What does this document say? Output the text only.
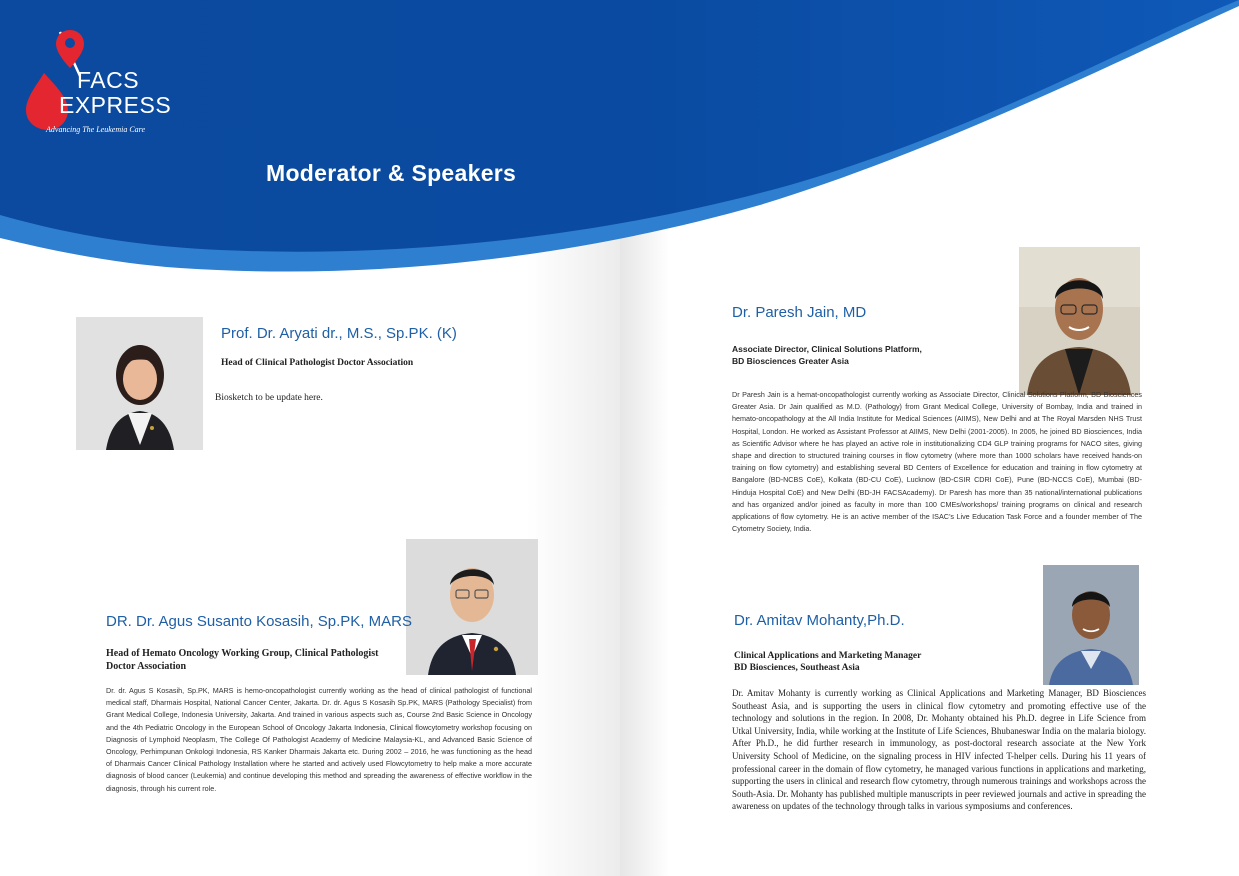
FACS
EXPRESS
Advancing The Leukemia Care
Moderator & Speakers
Prof. Dr. Aryati dr., M.S., Sp.PK. (K)
Head of Clinical Pathologist Doctor Association
Biosketch to be update here.
DR. Dr. Agus Susanto Kosasih, Sp.PK, MARS
Head of Hemato Oncology Working Group, Clinical Pathologist
Doctor Association
Dr. dr. Agus S Kosasih, Sp.PK, MARS is hemo-oncopathologist currently working as the head of clinical pathologist of functional medical staff, Dharmais Hospital, National Cancer Center, Jakarta. Dr. dr. Agus S Kosasih Sp.PK, MARS (Pathology Specialist) from Grant Medical College, Indonesia University, Jakarta. And trained in various aspects such as, Course 2nd Basic Science in Oncology and the 4th Pediatric Oncology in the European School of Oncology Jakarta Indonesia, Clinical flowcytometry workshop focusing on Diagnosis of Lymphoid Neoplasm, The College Of Pathologist Academy of Medicine Malaysia-KL, and Advanced Basic Science of Oncology, Perhimpunan Onkologi Indonesia, RS Kanker Dharmais Jakarta etc. During 2002 – 2016, he was functioning as the head of Dharmais Cancer Clinical Pathology Installation where he started and actively used Flowcytometry to help make a more accurate diagnosis of blood cancer (Leukemia) and continue developing this method and spreading the awareness of effective workflow in the diagnosis, through his current role.
Dr. Paresh Jain, MD
Associate Director, Clinical Solutions Platform,
BD Biosciences Greater Asia
Dr Paresh Jain is a hemat-oncopathologist currently working as Associate Director, Clinical Solutions Platform, BD Biosciences Greater Asia. Dr Jain qualified as M.D. (Pathology) from Grant Medical College, University of Bombay, India and trained in hemato-oncopathology at the All India Institute for Medical Sciences (AIIMS), New Delhi and at The Royal Marsden NHS Trust Hospital, London. He worked as Assistant Professor at AIIMS, New Delhi (2001-2005). In 2005, he joined BD Biosciences, India as Scientific Advisor where he has played an active role in institutionalizing CD4 GLP training programs for NACO sites, giving shape and direction to structured training courses in flow cytometry (where more than 1000 scholars have received hands-on training on flow cytometry) and establishing several BD Centers of Excellence for education and training in flow cytometry at Bangalore (BD-NCBS CoE), Kolkata (BD-CU CoE), Lucknow (BD-CSIR CDRI CoE), Pune (BD-NCCS CoE), Mumbai (BD-Hinduja Hospital CoE) and New Delhi (BD-JH FACSAcademy). Dr Paresh has more than 35 national/international publications and has organized and/or joined as faculty in more than 100 CMEs/workshops/ training programs on clinical and research applications of flow cytometry. He is an active member of the ISAC’s Live Education Task Force and a founder member of The Cytometry Society, India.
Dr. Amitav Mohanty,Ph.D.
Clinical Applications and Marketing Manager
BD Biosciences, Southeast Asia
Dr. Amitav Mohanty is currently working as Clinical Applications and Marketing Manager, BD Biosciences Southeast Asia, and is supporting the users in clinical flow cytometry and promoting effective use of the technology and solutions in the region. In 2008, Dr. Mohanty obtained his Ph.D. degree in Life Science from Utkal University, India, while working at the Institute of Life Sciences, Bhubaneswar India on the malaria biology. After Ph.D., he did further research in immunology, as post-doctoral research associate at the New York University School of Medicine, on the signaling process in HIV infected T-helper cells. During his 11 years of professional career in the domain of flow cytometry, he managed various functions in applications and marketing, supporting the users in clinical and research flow cytometry, through numerous trainings and workshops across the South-Asia. Dr. Mohanty has published multiple manuscripts in peer reviewed journals and active in spreading the awareness on updates of the technology through talks in various symposiums and conferences.
